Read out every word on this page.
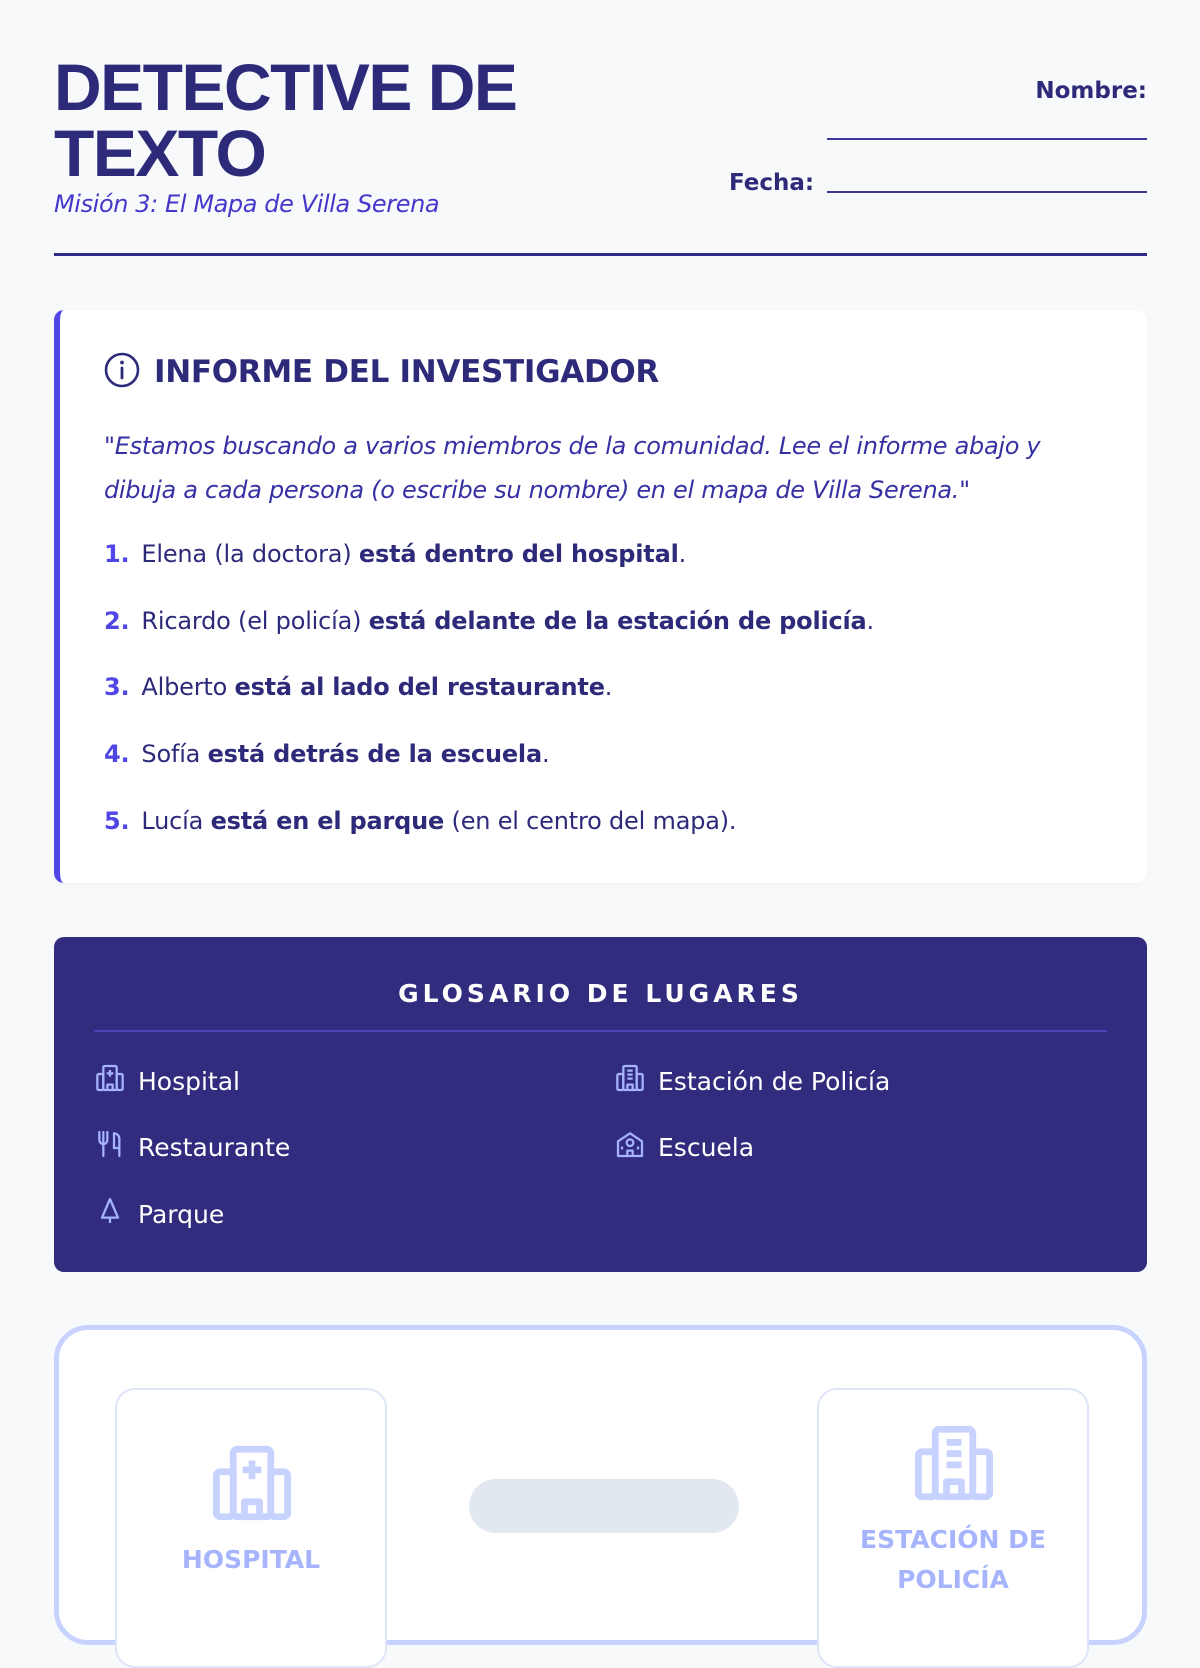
DETECTIVE DE TEXTO
Misión 3: El Mapa de Villa Serena
Nombre:
Fecha:
INFORME DEL INVESTIGADOR
"Estamos buscando a varios miembros de la comunidad. Lee el informe abajo y dibuja a cada persona (o escribe su nombre) en el mapa de Villa Serena."
1. Elena (la doctora) está dentro del hospital.
2. Ricardo (el policía) está delante de la estación de policía.
3. Alberto está al lado del restaurante.
4. Sofía está detrás de la escuela.
5. Lucía está en el parque (en el centro del mapa).
GLOSARIO DE LUGARES
Hospital	Estación de Policía
Restaurante	Escuela
Parque
HOSPITAL
ESTACIÓN DE POLICÍA
